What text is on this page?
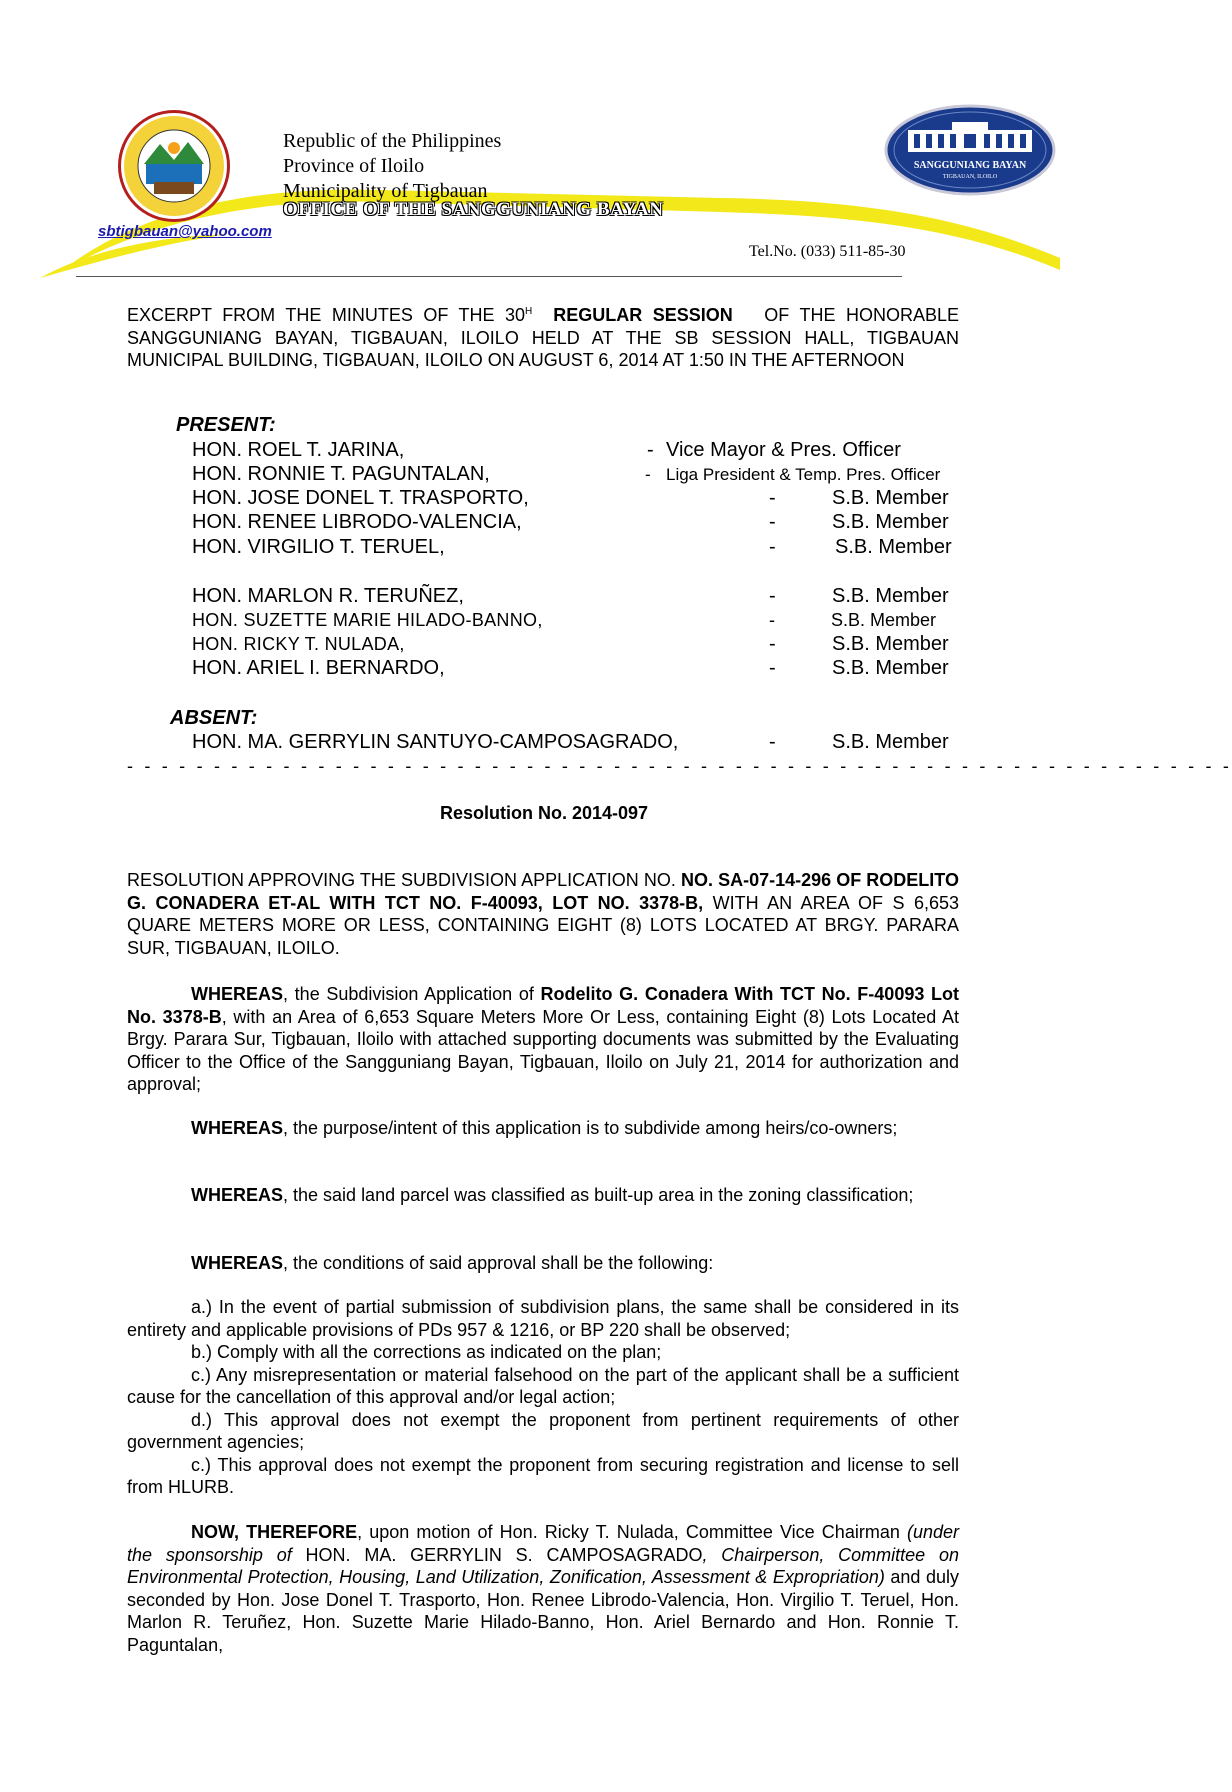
Republic of the Philippines
Province of Iloilo
Municipality of Tigbauan
OFFICE OF THE SANGGUNIANG BAYAN
SANGGUNIANG BAYAN
TIGBAUAN, ILOILO
sbtigbauan@yahoo.com
Tel.No. (033) 511-85-30
EXCERPT FROM THE MINUTES OF THE $30^H$ REGULAR SESSION OF THE HONORABLE SANGGUNIANG BAYAN, TIGBAUAN, ILOILO HELD AT THE SB SESSION HALL, TIGBAUAN MUNICIPAL BUILDING, TIGBAUAN, ILOILO ON AUGUST 6, 2014 AT 1:50 IN THE AFTERNOON
PRESENT:
HON. ROEL T. JARINA,	- Vice Mayor & Pres. Officer
HON. RONNIE T. PAGUNTALAN,	- Liga President & Temp. Pres. Officer
HON. JOSE DONEL T. TRASPORTO,	-	S.B. Member
HON. RENEE LIBRODO-VALENCIA,	-	S.B. Member
HON. VIRGILIO T. TERUEL,	-	S.B. Member
HON. MARLON R. TERUÑEZ,	-	S.B. Member
HON. SUZETTE MARIE HILADO-BANNO,	-	S.B. Member
HON. RICKY T. NULADA,	-	S.B. Member
HON. ARIEL I. BERNARDO,	-	S.B. Member
ABSENT:
HON. MA. GERRYLIN SANTUYO-CAMPOSAGRADO,	-	S.B. Member
- - - - - - - - - - - - - - - - - - - - - - - - - - - - - - - - - - - - - - - - - - - - - - - - - - - - - - - - - - - - - - - -
Resolution No. 2014-097
RESOLUTION APPROVING THE SUBDIVISION APPLICATION NO. NO. SA-07-14-296 OF RODELITO G. CONADERA ET-AL WITH TCT NO. F-40093, LOT NO. 3378-B, WITH AN AREA OF S 6,653 QUARE METERS MORE OR LESS, CONTAINING EIGHT (8) LOTS LOCATED AT BRGY. PARARA SUR, TIGBAUAN, ILOILO.
WHEREAS, the Subdivision Application of Rodelito G. Conadera With TCT No. F-40093 Lot No. 3378-B, with an Area of 6,653 Square Meters More Or Less, containing Eight (8) Lots Located At Brgy. Parara Sur, Tigbauan, Iloilo with attached supporting documents was submitted by the Evaluating Officer to the Office of the Sangguniang Bayan, Tigbauan, Iloilo on July 21, 2014 for authorization and approval;
WHEREAS, the purpose/intent of this application is to subdivide among heirs/co-owners;
WHEREAS, the said land parcel was classified as built-up area in the zoning classification;
WHEREAS, the conditions of said approval shall be the following:
a.) In the event of partial submission of subdivision plans, the same shall be considered in its entirety and applicable provisions of PDs 957 & 1216, or BP 220 shall be observed;
b.) Comply with all the corrections as indicated on the plan;
c.) Any misrepresentation or material falsehood on the part of the applicant shall be a sufficient cause for the cancellation of this approval and/or legal action;
d.) This approval does not exempt the proponent from pertinent requirements of other government agencies;
c.) This approval does not exempt the proponent from securing registration and license to sell from HLURB.
NOW, THEREFORE, upon motion of Hon. Ricky T. Nulada, Committee Vice Chairman (under the sponsorship of HON. MA. GERRYLIN S. CAMPOSAGRADO, Chairperson, Committee on Environmental Protection, Housing, Land Utilization, Zonification, Assessment & Expropriation) and duly seconded by Hon. Jose Donel T. Trasporto, Hon. Renee Librodo-Valencia, Hon. Virgilio T. Teruel, Hon. Marlon R. Teruñez, Hon. Suzette Marie Hilado-Banno, Hon. Ariel Bernardo and Hon. Ronnie T. Paguntalan,
